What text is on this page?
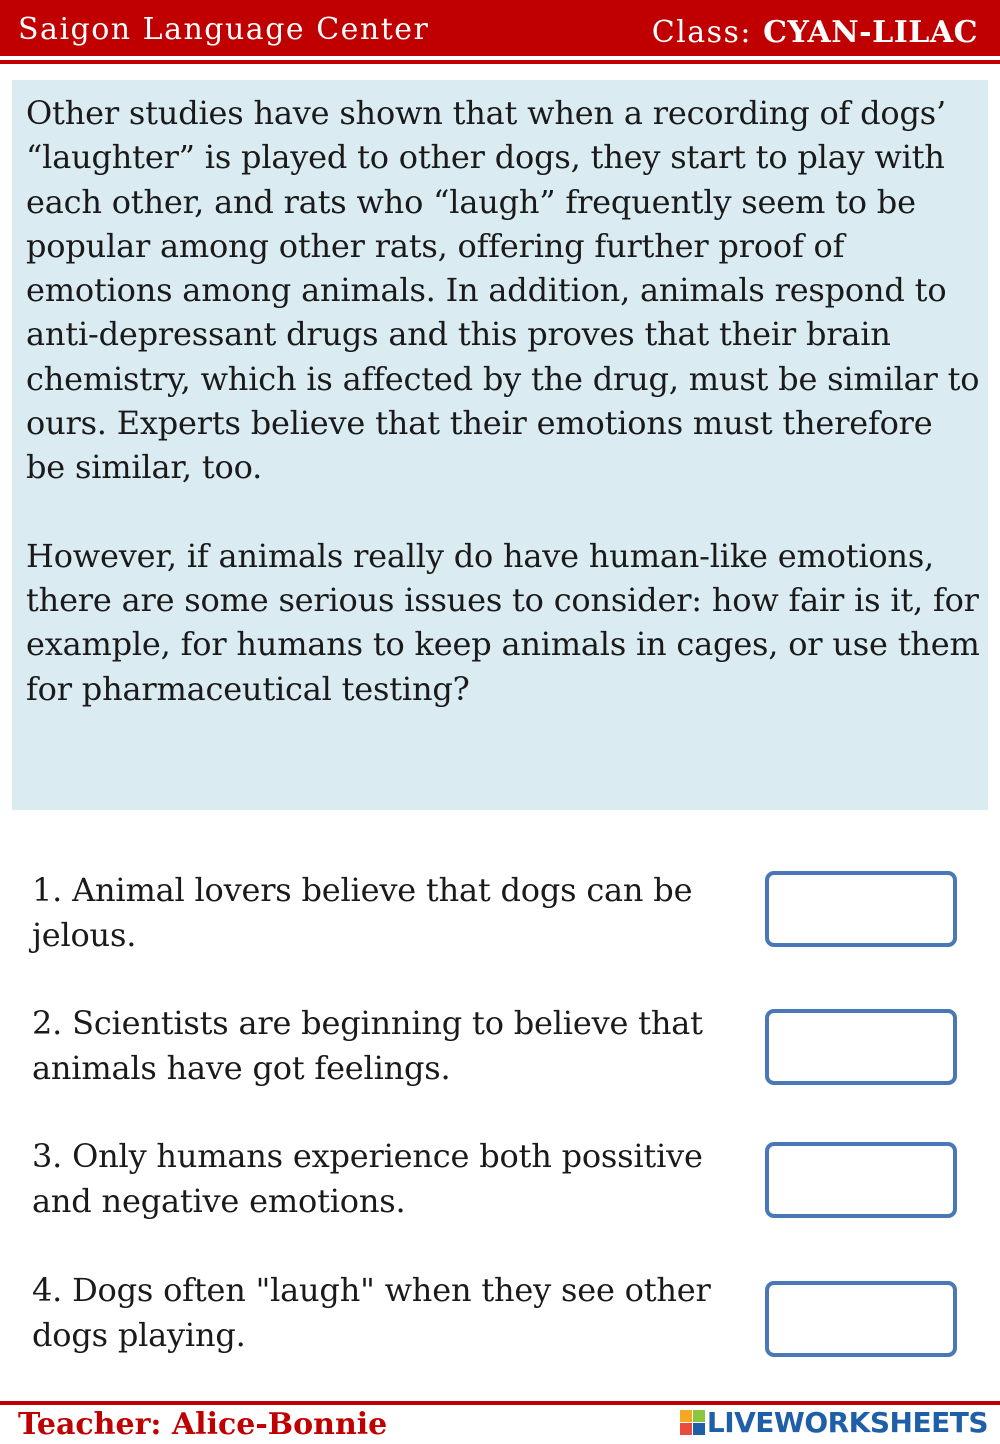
Saigon Language Center	Class: CYAN-LILAC

Other studies have shown that when a recording of dogs’ “laughter” is played to other dogs, they start to play with each other, and rats who “laugh” frequently seem to be popular among other rats, offering further proof of emotions among animals. In addition, animals respond to anti-depressant drugs and this proves that their brain chemistry, which is affected by the drug, must be similar to ours. Experts believe that their emotions must therefore be similar, too.

However, if animals really do have human-like emotions, there are some serious issues to consider: how fair is it, for example, for humans to keep animals in cages, or use them for pharmaceutical testing?

1. Animal lovers believe that dogs can be jelous.
2. Scientists are beginning to believe that animals have got feelings.
3. Only humans experience both possitive and negative emotions.
4. Dogs often "laugh" when they see other dogs playing.
Teacher: Alice-Bonnie	LIVEWORKSHEETS
